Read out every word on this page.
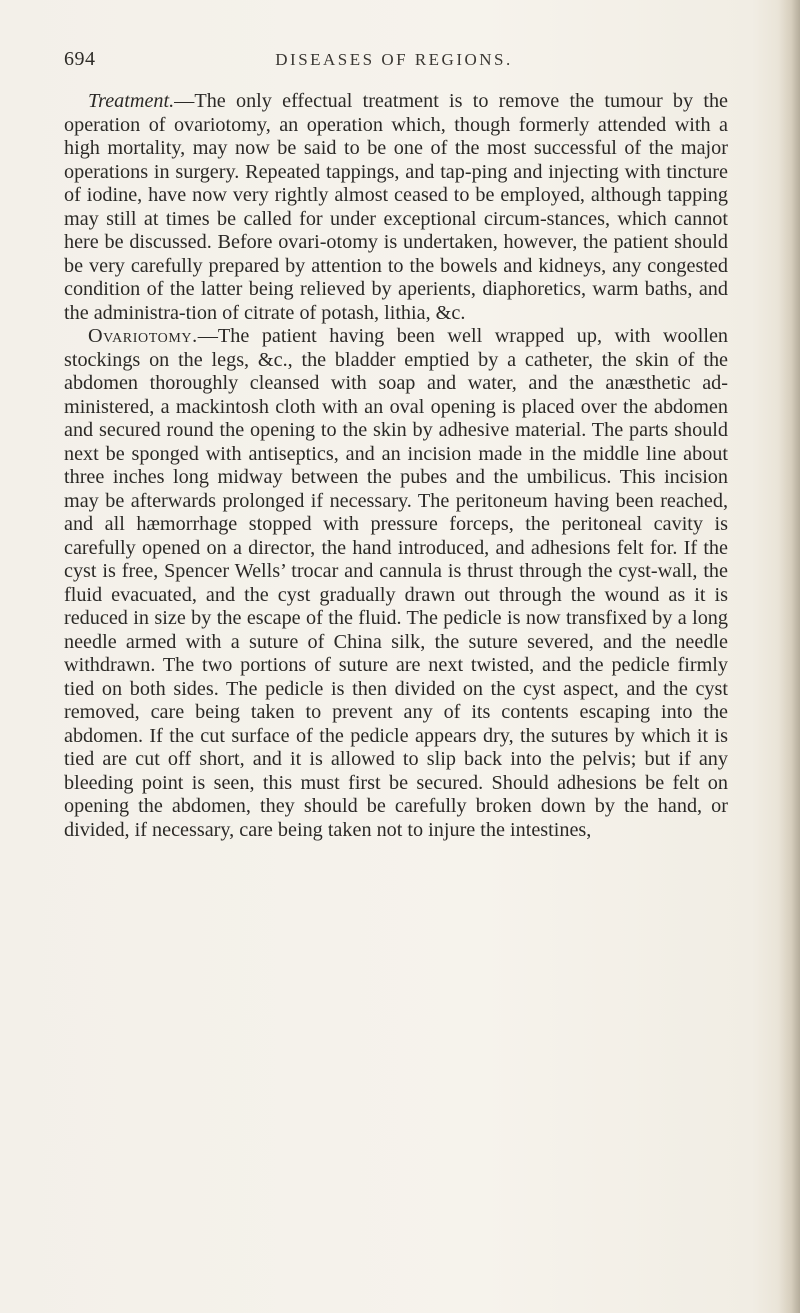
694	DISEASES OF REGIONS.

Treatment.—The only effectual treatment is to remove the tumour by the operation of ovariotomy, an operation which, though formerly attended with a high mortality, may now be said to be one of the most successful of the major operations in surgery. Repeated tappings, and tap-ping and injecting with tincture of iodine, have now very rightly almost ceased to be employed, although tapping may still at times be called for under exceptional circum-stances, which cannot here be discussed. Before ovari-otomy is undertaken, however, the patient should be very carefully prepared by attention to the bowels and kidneys, any congested condition of the latter being relieved by aperients, diaphoretics, warm baths, and the administra-tion of citrate of potash, lithia, &c.

Ovariotomy.—The patient having been well wrapped up, with woollen stockings on the legs, &c., the bladder emptied by a catheter, the skin of the abdomen thoroughly cleansed with soap and water, and the anæsthetic ad-ministered, a mackintosh cloth with an oval opening is placed over the abdomen and secured round the opening to the skin by adhesive material. The parts should next be sponged with antiseptics, and an incision made in the middle line about three inches long midway between the pubes and the umbilicus. This incision may be afterwards prolonged if necessary. The peritoneum having been reached, and all hæmorrhage stopped with pressure forceps, the peritoneal cavity is carefully opened on a director, the hand introduced, and adhesions felt for. If the cyst is free, Spencer Wells’ trocar and cannula is thrust through the cyst-wall, the fluid evacuated, and the cyst gradually drawn out through the wound as it is reduced in size by the escape of the fluid. The pedicle is now transfixed by a long needle armed with a suture of China silk, the suture severed, and the needle withdrawn. The two portions of suture are next twisted, and the pedicle firmly tied on both sides. The pedicle is then divided on the cyst aspect, and the cyst removed, care being taken to prevent any of its contents escaping into the abdomen. If the cut surface of the pedicle appears dry, the sutures by which it is tied are cut off short, and it is allowed to slip back into the pelvis; but if any bleeding point is seen, this must first be secured. Should adhesions be felt on opening the abdomen, they should be carefully broken down by the hand, or divided, if necessary, care being taken not to injure the intestines,
